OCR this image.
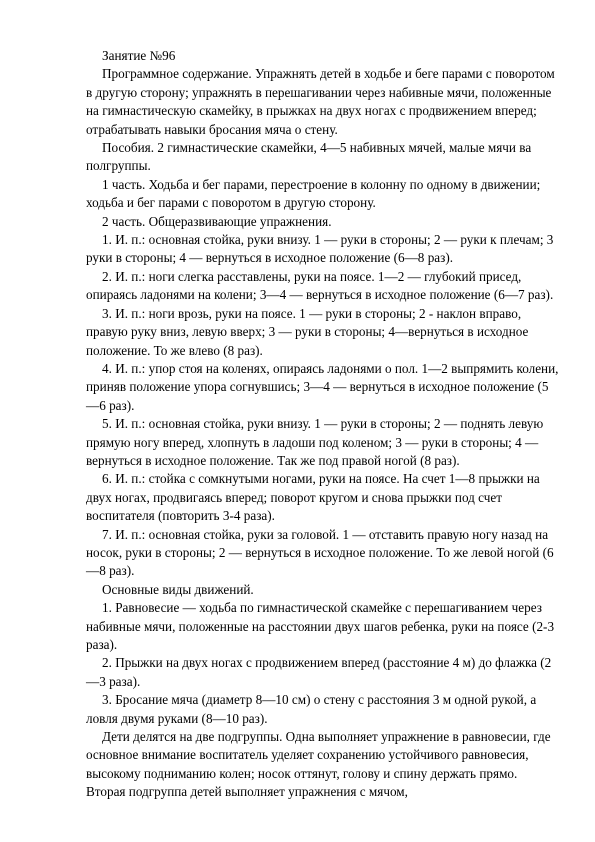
Занятие №96

Программное содержание. Упражнять детей в ходьбе и беге парами с поворотом в другую сторону; упражнять в перешагивании через набивные мячи, положенные на гимнастическую скамейку, в прыжках на двух ногах с продвижением вперед; отрабатывать навыки бросания мяча о стену.

Пособия. 2 гимнастические скамейки, 4—5 набивных мячей, малые мячи ва полгруппы.

1 часть. Ходьба и бег парами, перестроение в колонну по одному в движении; ходьба и бег парами с поворотом в другую сторону.

2 часть. Общеразвивающие упражнения.

1. И. п.: основная стойка, руки внизу. 1 — руки в стороны; 2 — руки к плечам; 3 руки в стороны; 4 — вернуться в исходное положение (6—8 раз).

2. И. п.: ноги слегка расставлены, руки на поясе. 1—2 — глубокий присед, опираясь ладонями на колени; 3—4 — вернуться в исходное положение (6—7 раз).

3. И. п.: ноги врозь, руки на поясе. 1 — руки в стороны; 2 - наклон вправо, правую руку вниз, левую вверх; 3 — руки в стороны; 4—вернуться в исходное положение. То же влево (8 раз).

4. И. п.: упор стоя на коленях, опираясь ладонями о пол. 1—2 выпрямить колени, приняв положение упора согнувшись; 3—4 — вернуться в исходное положение (5—6 раз).

5. И. п.: основная стойка, руки внизу. 1 — руки в стороны; 2 — поднять левую прямую ногу вперед, хлопнуть в ладоши под коленом; 3 — руки в стороны; 4 — вернуться в исходное положение. Так же под правой ногой (8 раз).

6. И. п.: стойка с сомкнутыми ногами, руки на поясе. На счет 1—8 прыжки на двух ногах, продвигаясь вперед; поворот кругом и снова прыжки под счет воспитателя (повторить 3-4 раза).

7. И. п.: основная стойка, руки за головой. 1 — отставить правую ногу назад на носок, руки в стороны; 2 — вернуться в исходное положение. То же левой ногой (6—8 раз).

Основные виды движений.

1. Равновесие — ходьба по гимнастической скамейке с перешагиванием через набивные мячи, положенные на расстоянии двух шагов ребенка, руки на поясе (2-3 раза).

2. Прыжки на двух ногах с продвижением вперед (расстояние 4 м) до флажка (2—3 раза).

3. Бросание мяча (диаметр 8—10 см) о стену с расстояния 3 м одной рукой, а ловля двумя руками (8—10 раз).

Дети делятся на две подгруппы. Одна выполняет упражнение в равновесии, где основное внимание воспитатель уделяет сохранению устойчивого равновесия, высокому подниманию колен; носок оттянут, голову и спину держать прямо. Вторая подгруппа детей выполняет упражнения с мячом,
